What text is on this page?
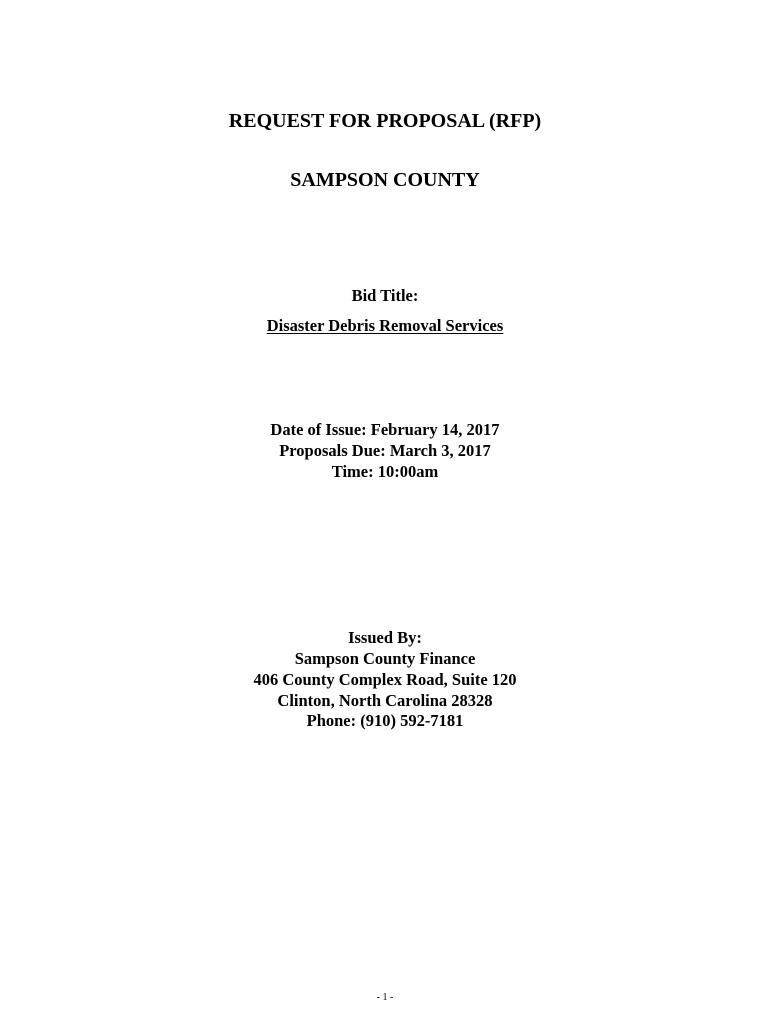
REQUEST FOR PROPOSAL (RFP)
SAMPSON COUNTY
Bid Title:
Disaster Debris Removal Services
Date of Issue: February 14, 2017
Proposals Due: March 3, 2017
Time: 10:00am
Issued By:
Sampson County Finance
406 County Complex Road, Suite 120
Clinton, North Carolina 28328
Phone: (910) 592-7181
- 1 -
